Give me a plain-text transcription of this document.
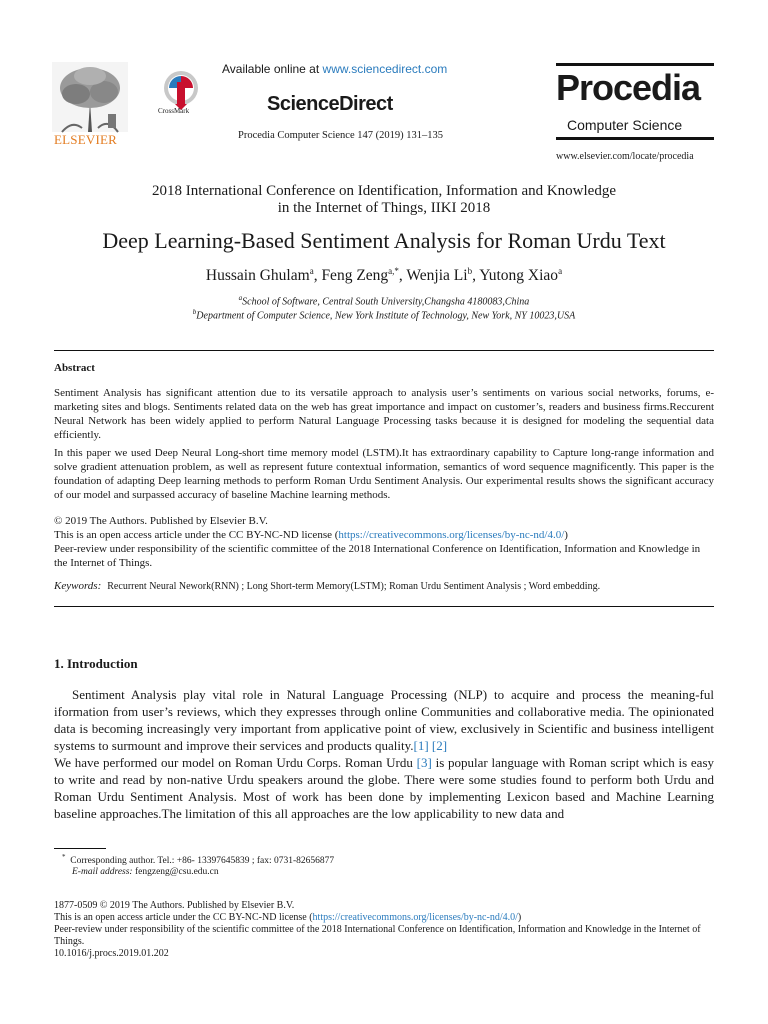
ELSEVIER
CrossMark
Available online at www.sciencedirect.com
ScienceDirect
Procedia Computer Science 147 (2019) 131–135
Procedia
Computer Science
www.elsevier.com/locate/procedia
2018 International Conference on Identification, Information and Knowledge
in the Internet of Things, IIKI 2018
Deep Learning-Based Sentiment Analysis for Roman Urdu Text
Hussain Ghulam$^a$, Feng Zeng$^{a,*}$, Wenjia Li$^b$, Yutong Xiao$^a$
$^a$School of Software, Central South University,Changsha 4180083,China
$^b$Department of Computer Science, New York Institute of Technology, New York, NY 10023,USA
Abstract
Sentiment Analysis has significant attention due to its versatile approach to analysis user’s sentiments on various social networks, forums, e-marketing sites and blogs. Sentiments related data on the web has great importance and impact on customer’s, readers and business firms.Reccurent Neural Network has been widely applied to perform Natural Language Processing tasks because it is designed for modeling the sequential data efficiently.
In this paper we used Deep Neural Long-short time memory model (LSTM).It has extraordinary capability to Capture long-range information and solve gradient attenuation problem, as well as represent future contextual information, semantics of word sequence magnificently. This paper is the foundation of adapting Deep learning methods to perform Roman Urdu Sentiment Analysis. Our experimental results shows the significant accuracy of our model and surpassed accuracy of baseline Machine learning methods.
© 2019 The Authors. Published by Elsevier B.V.
This is an open access article under the CC BY-NC-ND license (https://creativecommons.org/licenses/by-nc-nd/4.0/)
Peer-review under responsibility of the scientific committee of the 2018 International Conference on Identification, Information and Knowledge in the Internet of Things.
Keywords: Recurrent Neural Nework(RNN) ; Long Short-term Memory(LSTM); Roman Urdu Sentiment Analysis ; Word embedding.
1. Introduction
Sentiment Analysis play vital role in Natural Language Processing (NLP) to acquire and process the meaning-ful iformation from user’s reviews, which they expresses through online Communities and collaborative media. The opinionated data is becoming increasingly very important from applicative point of view, exclusively in Scientific and business intelligent systems to surmount and improve their services and products quality.[1] [2]
We have performed our model on Roman Urdu Corps. Roman Urdu [3] is popular language with Roman script which is easy to write and read by non-native Urdu speakers around the globe. There were some studies found to perform both Urdu and Roman Urdu Sentiment Analysis. Most of work has been done by implementing Lexicon based and Machine Learning baseline approaches.The limitation of this all approaches are the low applicability to new data and
* Corresponding author. Tel.: +86- 13397645839 ; fax: 0731-82656877
E-mail address: fengzeng@csu.edu.cn
1877-0509 © 2019 The Authors. Published by Elsevier B.V.
This is an open access article under the CC BY-NC-ND license (https://creativecommons.org/licenses/by-nc-nd/4.0/)
Peer-review under responsibility of the scientific committee of the 2018 International Conference on Identification, Information and Knowledge in the Internet of Things.
10.1016/j.procs.2019.01.202
